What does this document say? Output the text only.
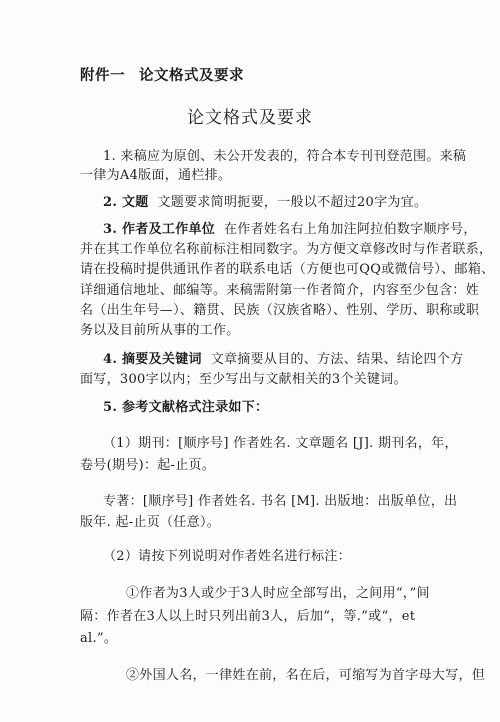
附件一 论文格式及要求
论文格式及要求
1. 来稿应为原创、未公开发表的，符合本专刊刊登范围。来稿
一律为A4版面，通栏排。
2. 文题 文题要求简明扼要，一般以不超过20字为宜。
3. 作者及工作单位 在作者姓名右上角加注阿拉伯数字顺序号，
并在其工作单位名称前标注相同数字。为方便文章修改时与作者联系，
请在投稿时提供通讯作者的联系电话（方便也可QQ或微信号）、邮箱、
详细通信地址、邮编等。来稿需附第一作者简介，内容至少包含：姓
名（出生年号—）、籍贯、民族（汉族省略）、性别、学历、职称或职
务以及目前所从事的工作。
4. 摘要及关键词 文章摘要从目的、方法、结果、结论四个方
面写，300字以内；至少写出与文献相关的3个关键词。
5. 参考文献格式注录如下：
（1）期刊：[顺序号] 作者姓名. 文章题名 [J]. 期刊名，年，
卷号(期号)：起-止页。
专著：[顺序号] 作者姓名. 书名 [M]. 出版地：出版单位，出
版年. 起-止页（任意）。
（2）请按下列说明对作者姓名进行标注：
①作者为3人或少于3人时应全部写出，之间用“，”间
隔：作者在3人以上时只列出前3人，后加“，等.”或“，et
al.”。
②外国人名，一律姓在前，名在后，可缩写为首字母大写，但
